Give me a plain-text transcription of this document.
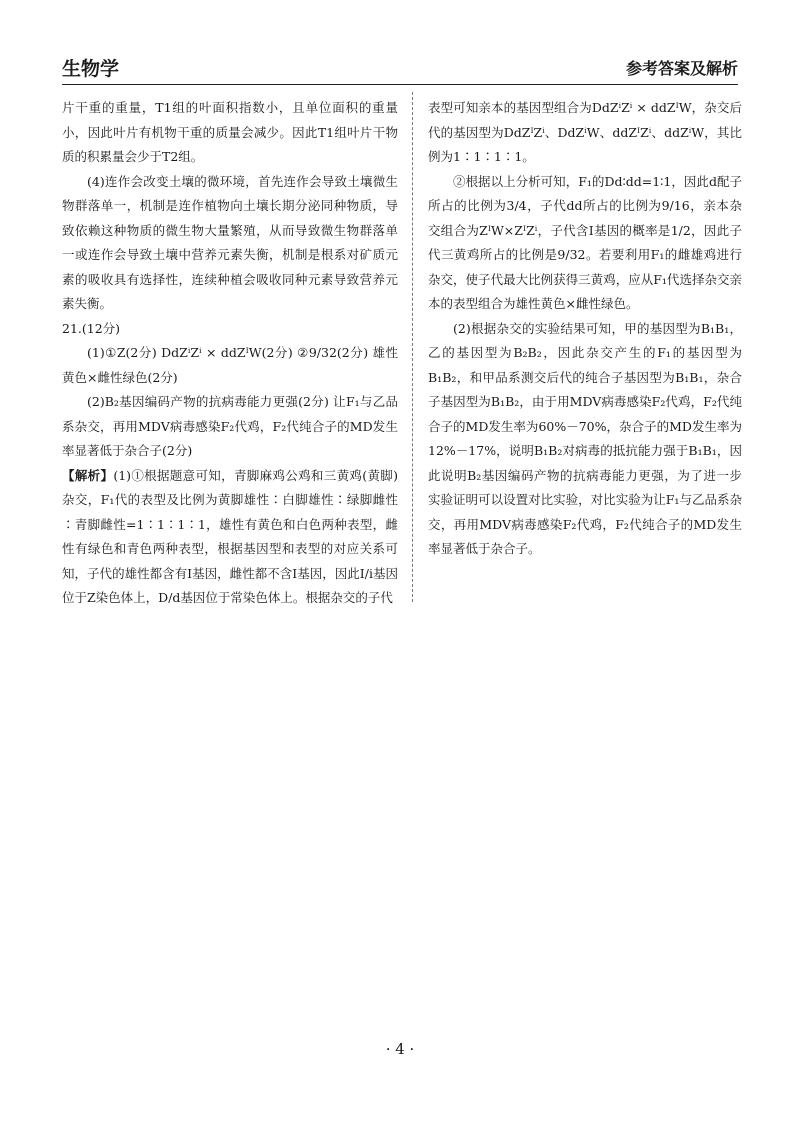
生物学	参考答案及解析

片干重的重量，T1组的叶面积指数小，且单位面积的重量小，因此叶片有机物干重的质量会减少。因此T1组叶片干物质的积累量会少于T2组。

(4)连作会改变土壤的微环境，首先连作会导致土壤微生物群落单一，机制是连作植物向土壤长期分泌同种物质，导致依赖这种物质的微生物大量繁殖，从而导致微生物群落单一或连作会导致土壤中营养元素失衡，机制是根系对矿质元素的吸收具有选择性，连续种植会吸收同种元素导致营养元素失衡。

21.(12分)

(1)①Z(2分) DdZⁱZⁱ × ddZᴵW(2分) ②9/32(2分) 雄性黄色×雌性绿色(2分)

(2)B₂基因编码产物的抗病毒能力更强(2分) 让F₁与乙品系杂交，再用MDV病毒感染F₂代鸡，F₂代纯合子的MD发生率显著低于杂合子(2分)

【解析】(1)①根据题意可知，青脚麻鸡公鸡和三黄鸡(黄脚)杂交，F₁代的表型及比例为黄脚雄性∶白脚雄性∶绿脚雌性∶青脚雌性=1∶1∶1∶1，雄性有黄色和白色两种表型，雌性有绿色和青色两种表型，根据基因型和表型的对应关系可知，子代的雄性都含有I基因，雌性都不含I基因，因此I/i基因位于Z染色体上，D/d基因位于常染色体上。根据杂交的子代

表型可知亲本的基因型组合为DdZⁱZⁱ × ddZᴵW，杂交后代的基因型为DdZᴵZⁱ、DdZⁱW、ddZᴵZⁱ、ddZⁱW，其比例为1∶1∶1∶1。

②根据以上分析可知，F₁的Dd∶dd=1∶1，因此d配子所占的比例为3/4，子代dd所占的比例为9/16，亲本杂交组合为ZᴵW×ZᴵZⁱ，子代含I基因的概率是1/2，因此子代三黄鸡所占的比例是9/32。若要利用F₁的雌雄鸡进行杂交，使子代最大比例获得三黄鸡，应从F₁代选择杂交亲本的表型组合为雄性黄色×雌性绿色。

(2)根据杂交的实验结果可知，甲的基因型为B₁B₁，乙的基因型为B₂B₂，因此杂交产生的F₁的基因型为B₁B₂，和甲品系测交后代的纯合子基因型为B₁B₁，杂合子基因型为B₁B₂，由于用MDV病毒感染F₂代鸡，F₂代纯合子的MD发生率为60%－70%，杂合子的MD发生率为12%－17%，说明B₁B₂对病毒的抵抗能力强于B₁B₁，因此说明B₂基因编码产物的抗病毒能力更强，为了进一步实验证明可以设置对比实验，对比实验为让F₁与乙品系杂交，再用MDV病毒感染F₂代鸡，F₂代纯合子的MD发生率显著低于杂合子。

· 4 ·
